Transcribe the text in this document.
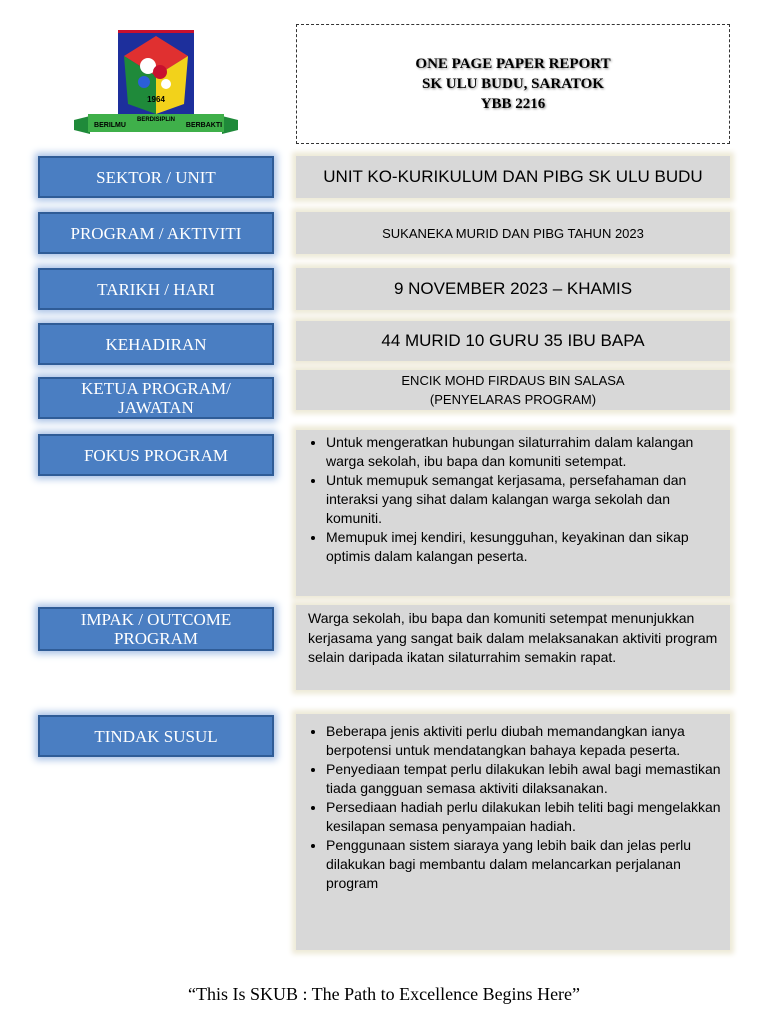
1964
BERILMU
BERDISIPLIN
BERBAKTI
ONE PAGE PAPER REPORT
SK ULU BUDU, SARATOK
YBB 2216
SEKTOR / UNIT	UNIT KO-KURIKULUM DAN PIBG SK ULU BUDU
PROGRAM / AKTIVITI	SUKANEKA MURID DAN PIBG TAHUN 2023
TARIKH / HARI	9 NOVEMBER 2023 – KHAMIS
KEHADIRAN	44 MURID 10 GURU 35 IBU BAPA
KETUA PROGRAM/
JAWATAN
ENCIK MOHD FIRDAUS BIN SALASA
(PENYELARAS PROGRAM)
FOKUS PROGRAM
• Untuk mengeratkan hubungan silaturrahim dalam kalangan warga sekolah, ibu bapa dan komuniti setempat.
• Untuk memupuk semangat kerjasama, persefahaman dan interaksi yang sihat dalam kalangan warga sekolah dan komuniti.
• Memupuk imej kendiri, kesungguhan, keyakinan dan sikap optimis dalam kalangan peserta.
IMPAK / OUTCOME
PROGRAM
Warga sekolah, ibu bapa dan komuniti setempat menunjukkan kerjasama yang sangat baik dalam melaksanakan aktiviti program selain daripada ikatan silaturrahim semakin rapat.
TINDAK SUSUL
•	Beberapa jenis aktiviti perlu diubah memandangkan ianya berpotensi untuk mendatangkan bahaya kepada peserta.
• Penyediaan tempat perlu dilakukan lebih awal bagi memastikan tiada gangguan semasa aktiviti dilaksanakan.
• Persediaan hadiah perlu dilakukan lebih teliti bagi mengelakkan kesilapan semasa penyampaian hadiah.
• Penggunaan sistem siaraya yang lebih baik dan jelas perlu dilakukan bagi membantu dalam melancarkan perjalanan program
“This Is SKUB : The Path to Excellence Begins Here”
